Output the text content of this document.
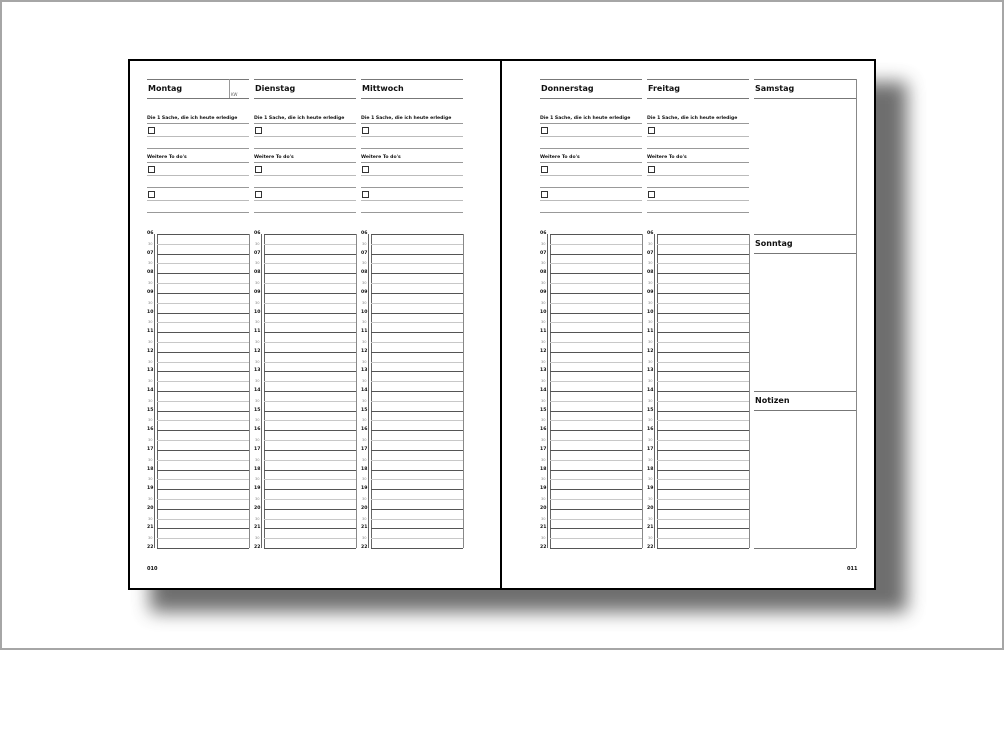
Montag
KW
Die 1 Sache, die ich heute erledige
Weitere To do's
06
30
07
30
08
30
09
30
10
30
11
30
12
30
13
30
14
30
15
30
16
30
17
30
18
30
19
30
20
30
21
30
22
Dienstag
Die 1 Sache, die ich heute erledige
Weitere To do's
06
30
07
30
08
30
09
30
10
30
11
30
12
30
13
30
14
30
15
30
16
30
17
30
18
30
19
30
20
30
21
30
22
Mittwoch
Die 1 Sache, die ich heute erledige
Weitere To do's
06
30
07
30
08
30
09
30
10
30
11
30
12
30
13
30
14
30
15
30
16
30
17
30
18
30
19
30
20
30
21
30
22
Donnerstag
Die 1 Sache, die ich heute erledige
Weitere To do's
06
30
07
30
08
30
09
30
10
30
11
30
12
30
13
30
14
30
15
30
16
30
17
30
18
30
19
30
20
30
21
30
22
Freitag
Die 1 Sache, die ich heute erledige
Weitere To do's
06
30
07
30
08
30
09
30
10
30
11
30
12
30
13
30
14
30
15
30
16
30
17
30
18
30
19
30
20
30
21
30
22
Samstag
Sonntag
Notizen
010	011
